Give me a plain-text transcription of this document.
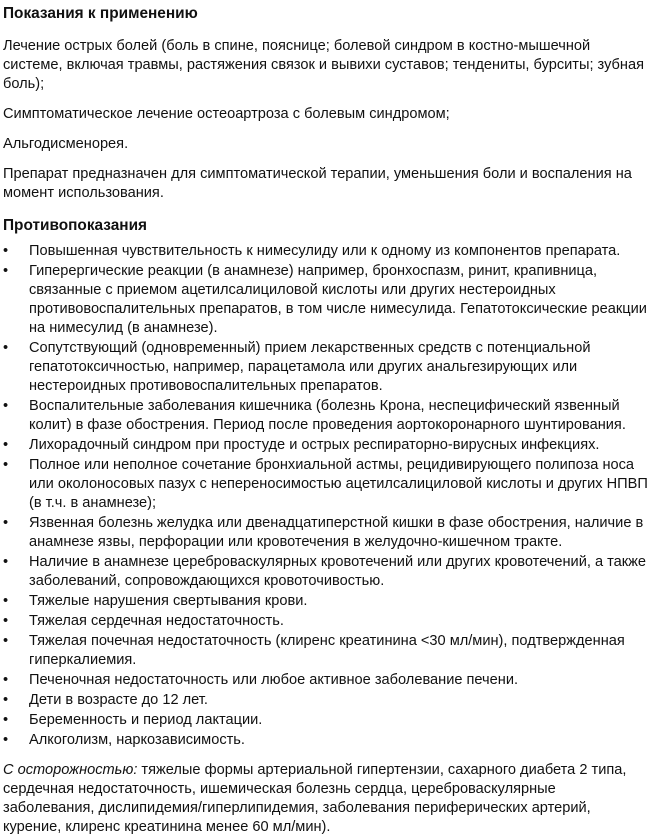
Показания к применению

Лечение острых болей (боль в спине, пояснице; болевой синдром в костно-мышечной системе, включая травмы, растяжения связок и вывихи суставов; тендениты, бурситы; зубная боль);

Симптоматическое лечение остеоартроза с болевым синдромом;

Альгодисменорея.

Препарат предназначен для симптоматической терапии, уменьшения боли и воспаления на момент использования.

Противопоказания
•	Повышенная чувствительность к нимесулиду или к одному из компонентов препарата.
•	Гиперергические реакции (в анамнезе) например, бронхоспазм, ринит, крапивница, связанные с приемом ацетилсалициловой кислоты или других нестероидных противовоспалительных препаратов, в том числе нимесулида. Гепатотоксические реакции на нимесулид (в анамнезе).
•	Сопутствующий (одновременный) прием лекарственных средств с потенциальной гепатотоксичностью, например, парацетамола или других анальгезирующих или нестероидных противовоспалительных препаратов.
•	Воспалительные заболевания кишечника (болезнь Крона, неспецифический язвенный колит) в фазе обострения. Период после проведения аортокоронарного шунтирования.
•	Лихорадочный синдром при простуде и острых респираторно-вирусных инфекциях.
•	Полное или неполное сочетание бронхиальной астмы, рецидивирующего полипоза носа или околоносовых пазух с непереносимостью ацетилсалициловой кислоты и других НПВП (в т.ч. в анамнезе);
•	Язвенная болезнь желудка или двенадцатиперстной кишки в фазе обострения, наличие в анамнезе язвы, перфорации или кровотечения в желудочно-кишечном тракте.
•	Наличие в анамнезе цереброваскулярных кровотечений или других кровотечений, а также заболеваний, сопровождающихся кровоточивостью.
•	Тяжелые нарушения свертывания крови.
•	Тяжелая сердечная недостаточность.
•	Тяжелая почечная недостаточность (клиренс креатинина <30 мл/мин), подтвержденная гиперкалиемия.
•	Печеночная недостаточность или любое активное заболевание печени.
•	Дети в возрасте до 12 лет.
•	Беременность и период лактации.
•	Алкоголизм, наркозависимость.

С осторожностью: тяжелые формы артериальной гипертензии, сахарного диабета 2 типа, сердечная недостаточность, ишемическая болезнь сердца, цереброваскулярные заболевания, дислипидемия/гиперлипидемия, заболевания периферических артерий, курение, клиренс креатинина менее 60 мл/мин).
